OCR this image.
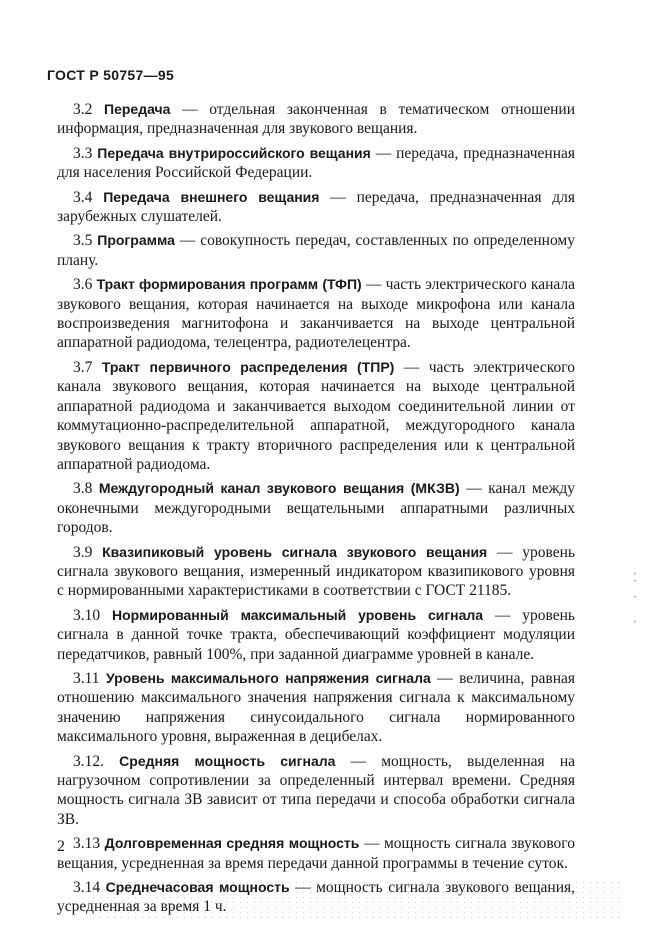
ГОСТ Р 50757—95

3.2 Передача — отдельная законченная в тематическом отношении информация, предназначенная для звукового вещания.

3.3 Передача внутрироссийского вещания — передача, предназначенная для населения Российской Федерации.

3.4 Передача внешнего вещания — передача, предназначенная для зарубежных слушателей.

3.5 Программа — совокупность передач, составленных по определенному плану.

3.6 Тракт формирования программ (ТФП) — часть электрического канала звукового вещания, которая начинается на выходе микрофона или канала воспроизведения магнитофона и заканчивается на выходе центральной аппаратной радиодома, телецентра, радиотелецентра.

3.7 Тракт первичного распределения (ТПР) — часть электрического канала звукового вещания, которая начинается на выходе центральной аппаратной радиодома и заканчивается выходом соединительной линии от коммутационно-распределительной аппаратной, междугородного канала звукового вещания к тракту вторичного распределения или к центральной аппаратной радиодома.

3.8 Междугородный канал звукового вещания (МКЗВ) — канал между оконечными междугородными вещательными аппаратными различных городов.

3.9 Квазипиковый уровень сигнала звукового вещания — уровень сигнала звукового вещания, измеренный индикатором квазипикового уровня с нормированными характеристиками в соответствии с ГОСТ 21185.

3.10 Нормированный максимальный уровень сигнала — уровень сигнала в данной точке тракта, обеспечивающий коэффициент модуляции передатчиков, равный 100%, при заданной диаграмме уровней в канале.

3.11 Уровень максимального напряжения сигнала — величина, равная отношению максимального значения напряжения сигнала к максимальному значению напряжения синусоидального сигнала нормированного максимального уровня, выраженная в децибелах.

3.12. Средняя мощность сигнала — мощность, выделенная на нагрузочном сопротивлении за определенный интервал времени. Средняя мощность сигнала ЗВ зависит от типа передачи и способа обработки сигнала ЗВ.

3.13 Долговременная средняя мощность — мощность сигнала звукового вещания, усредненная за время передачи данной программы в течение суток.

3.14 Среднечасовая мощность — мощность сигнала звукового вещания, усредненная за время 1 ч.

2
ˌ
ˈ
ˈ
ˌ
